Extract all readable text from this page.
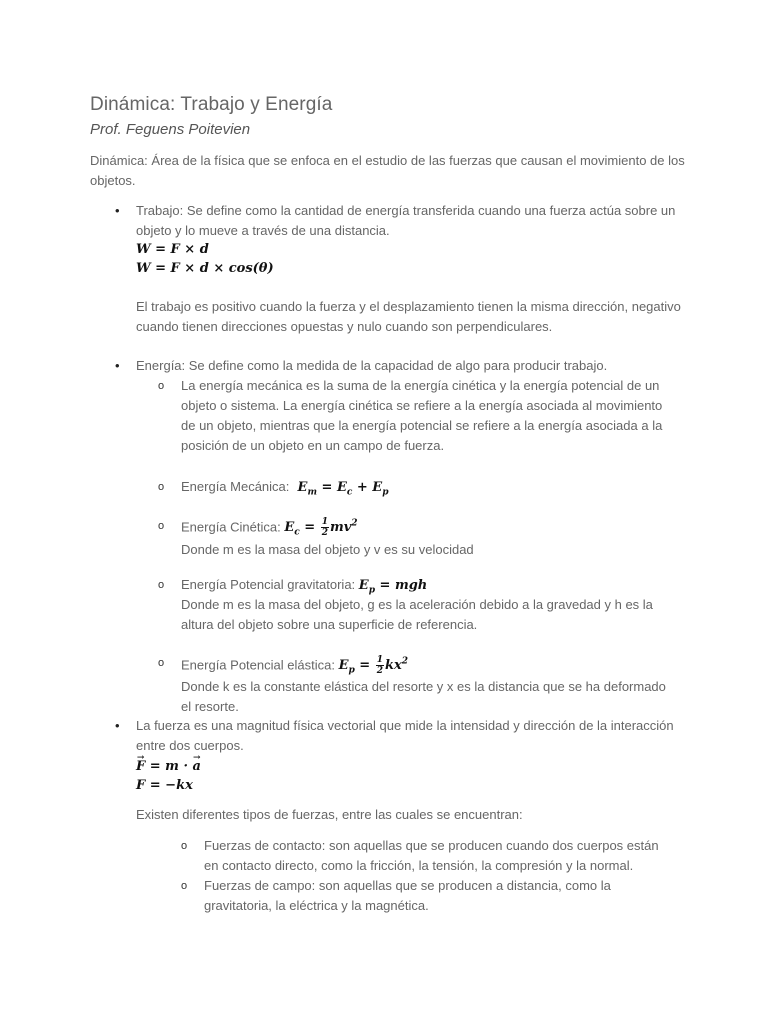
Dinámica: Trabajo y Energía
Prof. Feguens Poitevien
Dinámica: Área de la física que se enfoca en el estudio de las fuerzas que causan el movimiento de los objetos.
• Trabajo: Se define como la cantidad de energía transferida cuando una fuerza actúa sobre un objeto y lo mueve a través de una distancia.
W = F × d
W = F × d × cos(θ)
El trabajo es positivo cuando la fuerza y el desplazamiento tienen la misma dirección, negativo cuando tienen direcciones opuestas y nulo cuando son perpendiculares.
• Energía: Se define como la medida de la capacidad de algo para producir trabajo.
o La energía mecánica es la suma de la energía cinética y la energía potencial de un objeto o sistema. La energía cinética se refiere a la energía asociada al movimiento de un objeto, mientras que la energía potencial se refiere a la energía asociada a la posición de un objeto en un campo de fuerza.
o Energía Mecánica:  $E_m = E_c + E_p$
o Energía Cinética: $E_c = \frac{1}{2} mv^2$
Donde m es la masa del objeto y v es su velocidad
o Energía Potencial gravitatoria: $E_p$ = mgh
Donde m es la masa del objeto, g es la aceleración debido a la gravedad y h es la altura del objeto sobre una superficie de referencia.
o Energía Potencial elástica: $E_p = \frac{1}{2} kx^2$
Donde k es la constante elástica del resorte y x es la distancia que se ha deformado el resorte.
• La fuerza es una magnitud física vectorial que mide la intensidad y dirección de la interacción entre dos cuerpos.
→ F = m · → a
F = −kx
Existen diferentes tipos de fuerzas, entre las cuales se encuentran:
o Fuerzas de contacto: son aquellas que se producen cuando dos cuerpos están en contacto directo, como la fricción, la tensión, la compresión y la normal.
o Fuerzas de campo: son aquellas que se producen a distancia, como la gravitatoria, la eléctrica y la magnética.
